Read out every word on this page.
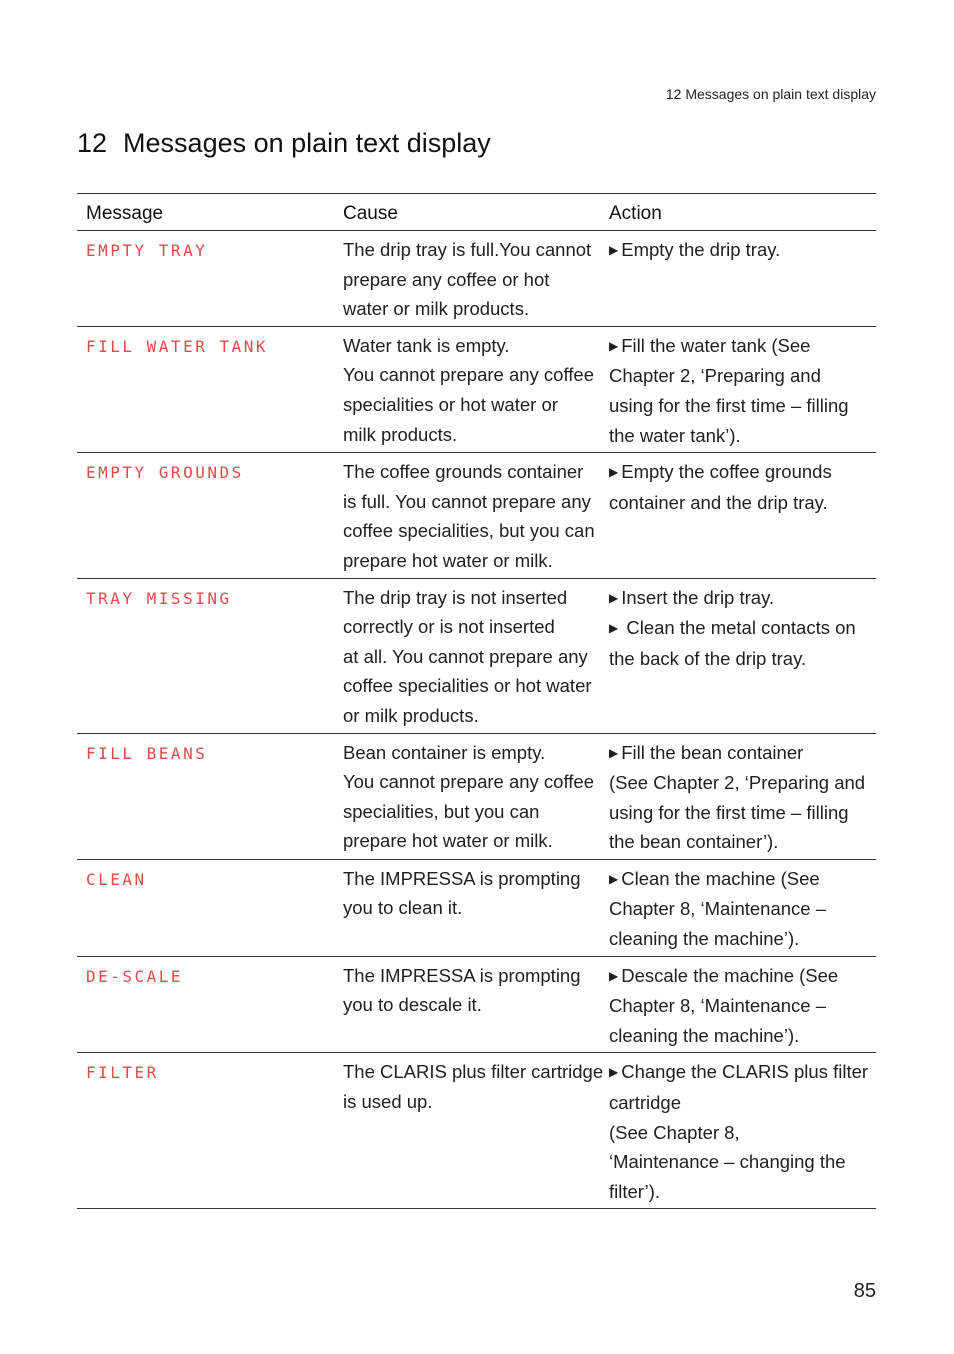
12 Messages on plain text display
12 Messages on plain text display
Message	Cause	Action
EMPTY TRAY	The drip tray is full.You cannot
prepare any coffee or hot
water or milk products.	▶ Empty the drip tray.

FILL WATER TANK	Water tank is empty.
You cannot prepare any coffee
specialities or hot water or
milk products.	▶ Fill the water tank (See
Chapter 2, ‘Preparing and
using for the first time – filling
the water tank’).

EMPTY GROUNDS	The coffee grounds container
is full. You cannot prepare any
coffee specialities, but you can
prepare hot water or milk.	▶ Empty the coffee grounds
container and the drip tray.

TRAY MISSING	The drip tray is not inserted
correctly or is not inserted
at all. You cannot prepare any
coffee specialities or hot water
or milk products.	▶ Insert the drip tray.
▶ Clean the metal contacts on
the back of the drip tray.

FILL BEANS	Bean container is empty.
You cannot prepare any coffee
specialities, but you can
prepare hot water or milk.	▶ Fill the bean container
(See Chapter 2, ‘Preparing and
using for the first time – filling
the bean container’).

CLEAN	The IMPRESSA is prompting
you to clean it.	▶ Clean the machine (See
Chapter 8, ‘Maintenance –
cleaning the machine’).

DE-SCALE	The IMPRESSA is prompting
you to descale it.	▶ Descale the machine (See
Chapter 8, ‘Maintenance –
cleaning the machine’).

FILTER	The CLARIS plus filter cartridge
is used up.	▶ Change the CLARIS plus filter
cartridge
(See Chapter 8,
‘Maintenance – changing the
filter’).
85
